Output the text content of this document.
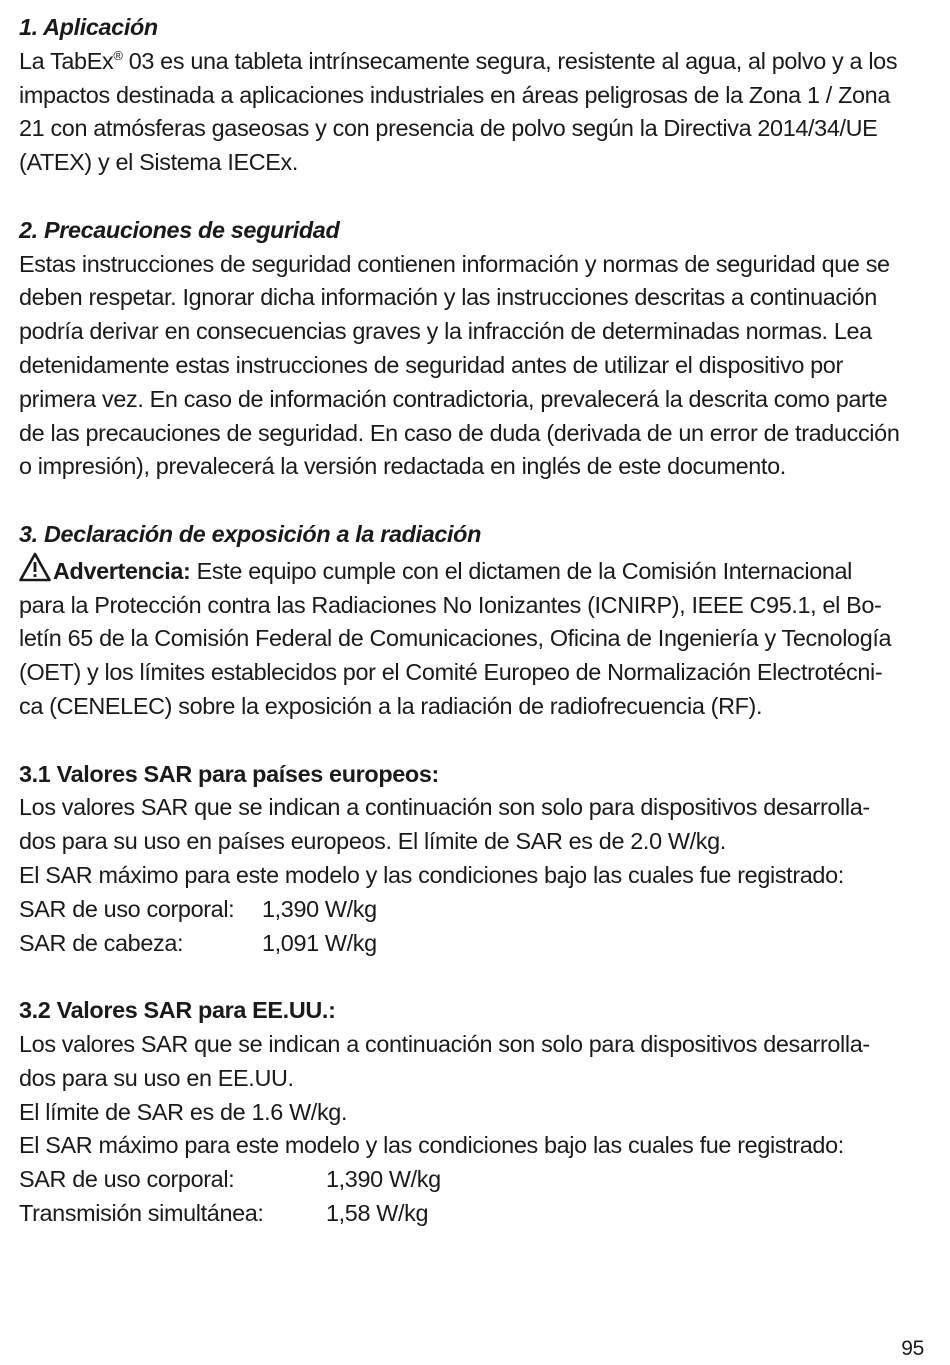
1. Aplicación

La TabEx® 03 es una tableta intrínsecamente segura, resistente al agua, al polvo y a los

impactos destinada a aplicaciones industriales en áreas peligrosas de la Zona 1 / Zona

21 con atmósferas gaseosas y con presencia de polvo según la Directiva 2014/34/UE

(ATEX) y el Sistema IECEx.

2. Precauciones de seguridad

Estas instrucciones de seguridad contienen información y normas de seguridad que se

deben respetar. Ignorar dicha información y las instrucciones descritas a continuación

podría derivar en consecuencias graves y la infracción de determinadas normas. Lea

detenidamente estas instrucciones de seguridad antes de utilizar el dispositivo por

primera vez. En caso de información contradictoria, prevalecerá la descrita como parte

de las precauciones de seguridad. En caso de duda (derivada de un error de traducción

o impresión), prevalecerá la versión redactada en inglés de este documento.

3. Declaración de exposición a la radiación

Advertencia: Este equipo cumple con el dictamen de la Comisión Internacional

para la Protección contra las Radiaciones No Ionizantes (ICNIRP), IEEE C95.1, el Bo-

letín 65 de la Comisión Federal de Comunicaciones, Oficina de Ingeniería y Tecnología

(OET) y los límites establecidos por el Comité Europeo de Normalización Electrotécni-

ca (CENELEC) sobre la exposición a la radiación de radiofrecuencia (RF).

3.1 Valores SAR para países europeos:

Los valores SAR que se indican a continuación son solo para dispositivos desarrolla-

dos para su uso en países europeos. El límite de SAR es de 2.0 W/kg.

El SAR máximo para este modelo y las condiciones bajo las cuales fue registrado:

SAR de uso corporal:	1,390 W/kg
SAR de cabeza:	1,091 W/kg
3.2 Valores SAR para EE.UU.:

Los valores SAR que se indican a continuación son solo para dispositivos desarrolla-

dos para su uso en EE.UU.

El límite de SAR es de 1.6 W/kg.

El SAR máximo para este modelo y las condiciones bajo las cuales fue registrado:

SAR de uso corporal:	1,390 W/kg
Transmisión simultánea:	1,58 W/kg
95
